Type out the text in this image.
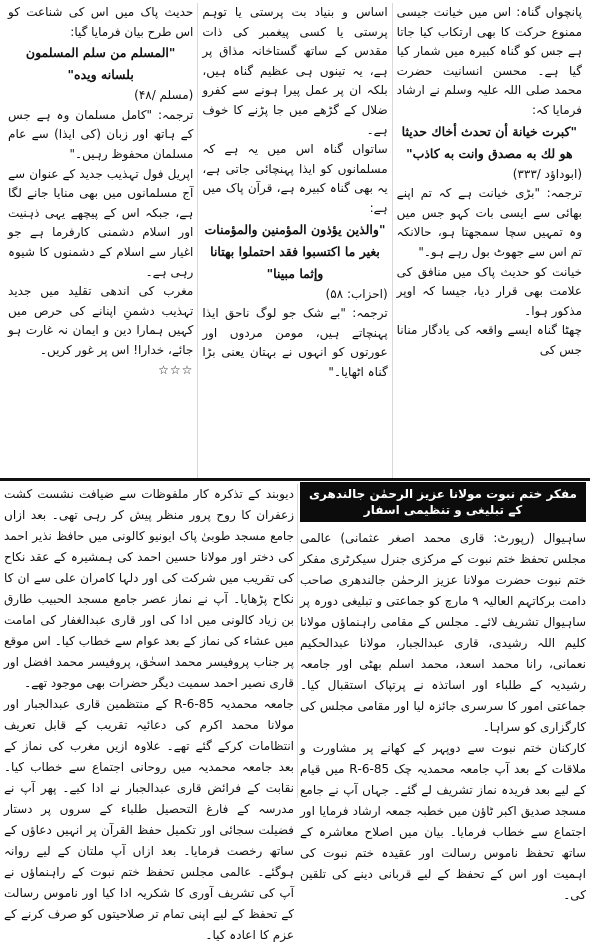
پانچواں گناہ: اس میں خیانت جیسی ممنوع حرکت کا بھی ارتکاب کیا جاتا ہے جس کو گناہ کبیرہ میں شمار کیا گیا ہے۔ محسن انسانیت حضرت محمد صلی اللہ علیہ وسلم نے ارشاد فرمایا کہ:

"كبرت خيانة أن تحدث أخاك حديثا هو لك به مصدق وانت به كاذب"

(ابوداؤد /۳۳۳)

ترجمہ: "بڑی خیانت ہے کہ تم اپنے بھائی سے ایسی بات کہو جس میں وہ تمہیں سچا سمجھتا ہو، حالانکہ تم اس سے جھوٹ بول رہے ہو۔"

خیانت کو حدیث پاک میں منافق کی علامت بھی قرار دیا، جیسا کہ اوپر مذکور ہوا۔

چھٹا گناہ ایسے واقعہ کی یادگار منانا جس کی

اساس و بنیاد بت پرستی یا توہم پرستی یا کسی پیغمبر کی ذات مقدس کے ساتھ گستاخانہ مذاق پر ہے، یہ تینوں ہی عظیم گناہ ہیں، بلکہ ان پر عمل پیرا ہونے سے کفرو ضلال کے گڑھے میں جا پڑنے کا خوف ہے۔

ساتواں گناہ اس میں یہ ہے کہ مسلمانوں کو ایذا پہنچائی جاتی ہے، یہ بھی گناہ کبیرہ ہے، قرآن پاک میں ہے:

"والذين يؤذون المؤمنين والمؤمنات بغير ما اكتسبوا فقد احتملوا بهتانا وإثما مبينا"

(احزاب: ۵۸)

ترجمہ: "بے شک جو لوگ ناحق ایذا پہنچاتے ہیں، مومن مردوں اور عورتوں کو انہوں نے بہتان یعنی بڑا گناہ اٹھایا۔"

حدیث پاک میں اس کی شناعت کو اس طرح بیان فرمایا گیا:

"المسلم من سلم المسلمون بلسانه ويده"

(مسلم /۴۸)

ترجمہ: "کامل مسلمان وہ ہے جس کے ہاتھ اور زبان (کی ایذا) سے عام مسلمان محفوظ رہیں۔"

اپریل فول تہذیب جدید کے عنوان سے آج مسلمانوں میں بھی منایا جانے لگا ہے، جبکہ اس کے پیچھے یہی ذہنیت اور اسلام دشمنی کارفرما ہے جو اغیار سے اسلام کے دشمنوں کا شیوہ رہی ہے۔

مغرب کی اندھی تقلید میں جدید تہذیب دشمنِ اپنانے کی حرص میں کہیں ہمارا دین و ایمان نہ غارت ہو جائے، خدارا! اس پر غور کریں۔

☆☆☆

مفکر ختم نبوت مولانا عزیز الرحمٰن جالندھری کے تبلیغی و تنظیمی اسفار

ساہیوال (رپورٹ: قاری محمد اصغر عثمانی) عالمی مجلس تحفظ ختم نبوت کے مرکزی جنرل سیکرٹری مفکر ختم نبوت حضرت مولانا عزیز الرحمٰن جالندھری صاحب دامت برکاتہم العالیہ ۹ مارچ کو جماعتی و تبلیغی دورہ پر ساہیوال تشریف لائے۔ مجلس کے مقامی راہنماؤں مولانا کلیم اللہ رشیدی، قاری عبدالجبار، مولانا عبدالحکیم نعمانی، رانا محمد اسعد، محمد اسلم بھٹی اور جامعہ رشیدیہ کے طلباء اور اساتذہ نے پرتپاک استقبال کیا۔ جماعتی امور کا سرسری جائزہ لیا اور مقامی مجلس کی کارگزاری کو سراہا۔

کارکنان ختم نبوت سے دوپہر کے کھانے پر مشاورت و ملاقات کے بعد آپ جامعہ محمدیہ چک 85-6-R میں قیام کے لیے بعد فریدہ نماز تشریف لے گئے۔ جہاں آپ نے جامع مسجد صدیق اکبر ٹاؤن میں خطبہ جمعہ ارشاد فرمایا اور اجتماع سے خطاب فرمایا۔ بیان میں اصلاح معاشرہ کے ساتھ تحفظ ناموس رسالت اور عقیدہ ختم نبوت کی اہمیت اور اس کے تحفظ کے لیے قربانی دینے کی تلقین کی۔

دیوبند کے تذکرہ کار ملفوظات سے ضیافت نشست کشت زعفران کا روح پرور منظر پیش کر رہی تھی۔ بعد ازاں جامع مسجد طوبیٰ پاک ایونیو کالونی میں حافظ نذیر احمد کی دختر اور مولانا حسین احمد کی ہمشیرہ کے عقد نکاح کی تقریب میں شرکت کی اور دلہا کامران علی سے ان کا نکاح پڑھایا۔ آپ نے نماز عصر جامع مسجد الحبیب طارق بن زیاد کالونی میں ادا کی اور قاری عبدالغفار کی امامت میں عشاء کی نماز کے بعد عوام سے خطاب کیا۔ اس موقع پر جناب پروفیسر محمد اسحٰق، پروفیسر محمد افضل اور قاری نصیر احمد سمیت دیگر حضرات بھی موجود تھے۔

جامعہ محمدیہ 85-6-R کے منتظمین قاری عبدالجبار اور مولانا محمد اکرم کی دعائیہ تقریب کے قابل تعریف انتظامات کرکے گئے تھے۔ علاوہ ازیں مغرب کی نماز کے بعد جامعہ محمدیہ میں روحانی اجتماع سے خطاب کیا۔ نقابت کے فرائض قاری عبدالجبار نے ادا کیے۔ پھر آپ نے مدرسہ کے فارغ التحصیل طلباء کے سروں پر دستار فضیلت سجائی اور تکمیل حفظ القرآن پر انہیں دعاؤں کے ساتھ رخصت فرمایا۔ بعد ازاں آپ ملتان کے لیے روانہ ہوگئے۔ عالمی مجلس تحفظ ختم نبوت کے راہنماؤں نے آپ کی تشریف آوری کا شکریہ ادا کیا اور ناموس رسالت کے تحفظ کے لیے اپنی تمام تر صلاحیتوں کو صرف کرنے کے عزم کا اعادہ کیا۔
